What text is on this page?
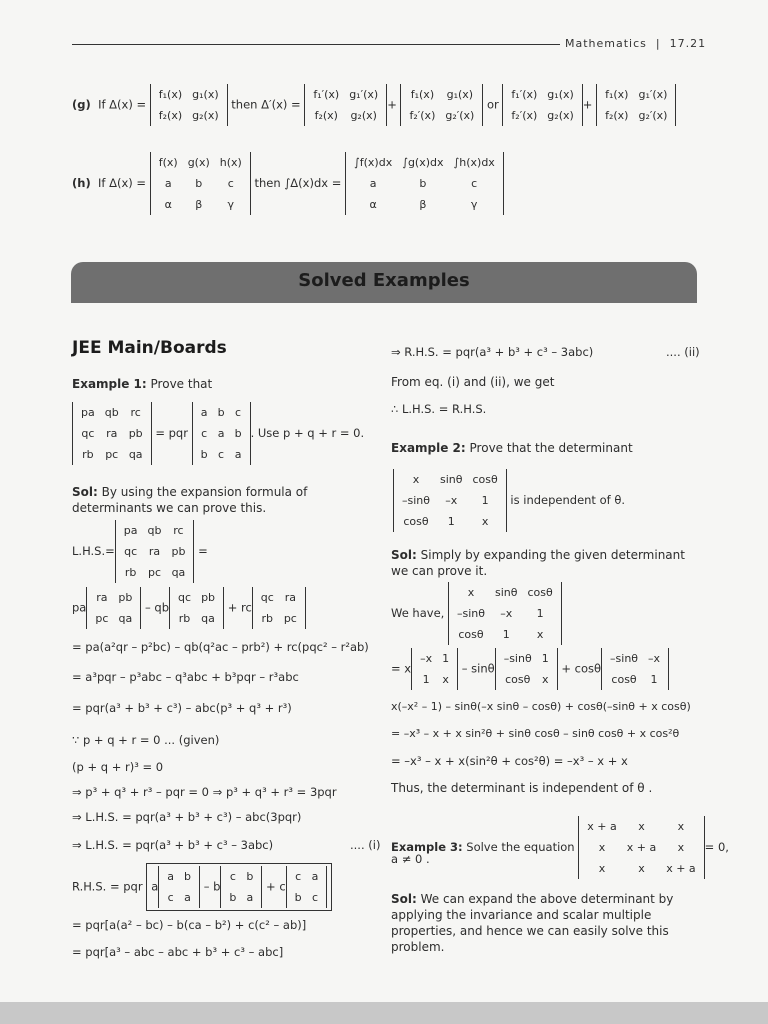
Mathematics | 17.21
(g) If Δ(x) =
f₁(x)	g₁(x)
f₂(x)	g₂(x)
then Δ′(x) =
f₁′(x)	g₁′(x)
f₂(x)	g₂(x)
+
f₁(x)	g₁(x)
f₂′(x)	g₂′(x)
or
f₁′(x)	g₁(x)
f₂′(x)	g₂(x)
+
f₁(x)	g₁′(x)
f₂(x)	g₂′(x)
(h) If Δ(x) =
f(x)	g(x)	h(x)
a	b	c
α	β	γ
then ∫Δ(x)dx =
∫f(x)dx	∫g(x)dx	∫h(x)dx
a	b	c
α	β	γ
Solved Examples
JEE Main/Boards
Example 1: Prove that
pa	qb	rc
qc	ra	pb
rb	pc	qa
= pqr
a	b	c
c	a	b
b	c	a
. Use p + q + r = 0.
Sol: By using the expansion formula of determinants we can prove this.
L.H.S.=
pa	qb	rc
qc	ra	pb
rb	pc	qa
=
pa
ra	pb
pc	qa
– qb
qc	pb
rb	qa
+ rc
qc	ra
rb	pc
= pa(a²qr – p²bc) – qb(q²ac – prb²) + rc(pqc² – r²ab)
= a³pqr – p³abc – q³abc + b³pqr – r³abc
= pqr(a³ + b³ + c³) – abc(p³ + q³ + r³)
∵ p + q + r = 0 ... (given)
(p + q + r)³ = 0
⇒ p³ + q³ + r³ – pqr = 0 ⇒ p³ + q³ + r³ = 3pqr
⇒ L.H.S. = pqr(a³ + b³ + c³) – abc(3pqr)
⇒ L.H.S. = pqr(a³ + b³ + c³ – 3abc)	.... (i)
R.H.S. = pqr a
a	b
c	a
– b
c	b
b	a
+ c
c	a
b	c
= pqr[a(a² – bc) – b(ca – b²) + c(c² – ab)]
= pqr[a³ – abc – abc + b³ + c³ – abc]
⇒ R.H.S. = pqr(a³ + b³ + c³ – 3abc)	.... (ii)
From eq. (i) and (ii), we get
∴ L.H.S. = R.H.S.
Example 2: Prove that the determinant
x	sinθ	cosθ
–sinθ	–x	1
cosθ	1	x
is independent of θ.
Sol: Simply by expanding the given determinant we can prove it.
We have,
x	sinθ	cosθ
–sinθ	–x	1
cosθ	1	x
= x
–x	1
1	x
– sinθ
–sinθ	1
cosθ	x
+ cosθ
–sinθ	–x
cosθ	1
x(–x² – 1) – sinθ(–x sinθ – cosθ) + cosθ(–sinθ + x cosθ)
= –x³ – x + x sin²θ + sinθ cosθ – sinθ cosθ + x cos²θ
= –x³ – x + x(sin²θ + cos²θ) = –x³ – x + x
Thus, the determinant is independent of θ .
Example 3: Solve the equation
x + a	x	x
x	x + a	x
x	x	x + a
= 0,
a ≠ 0 .
Sol: We can expand the above determinant by applying the invariance and scalar multiple properties, and hence we can easily solve this problem.
